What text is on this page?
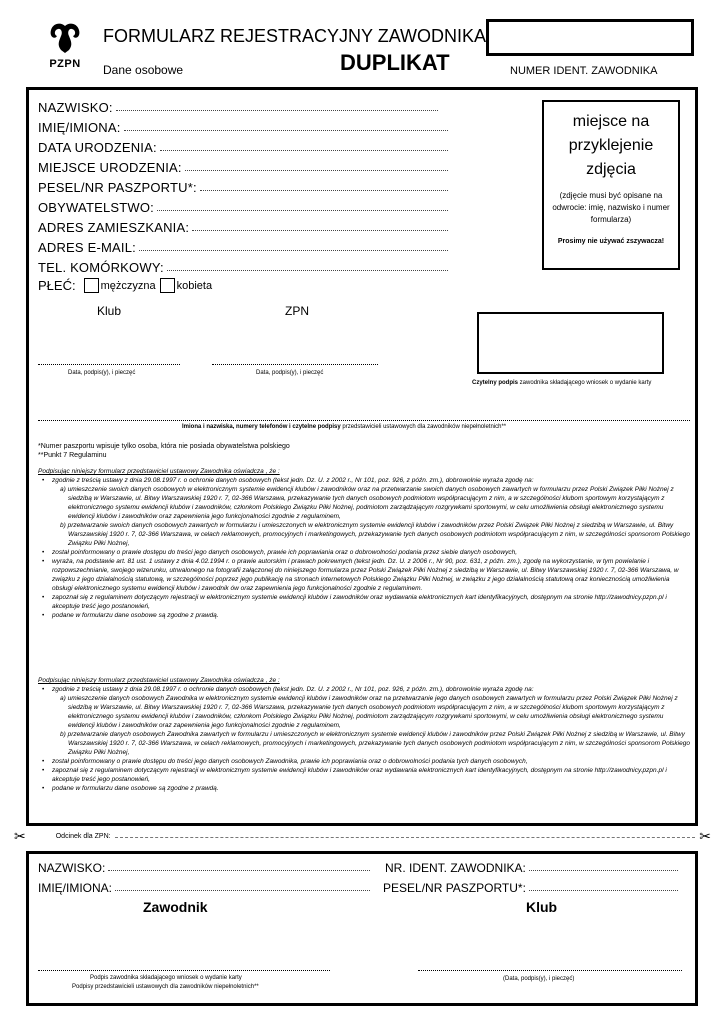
PZPN
FORMULARZ REJESTRACYJNY ZAWODNIKA
Dane osobowe	DUPLIKAT	NUMER IDENT. ZAWODNIKA
NAZWISKO:
IMIĘ/IMIONA:
DATA URODZENIA:
MIEJSCE URODZENIA:
PESEL/NR PASZPORTU*:
OBYWATELSTWO:
ADRES ZAMIESZKANIA:
ADRES E-MAIL:
TEL. KOMÓRKOWY:
PŁEĆ: mężczyzna kobieta
miejsce na
przyklejenie
zdjęcia
(zdjęcie musi być opisane na odwrocie: imię, nazwisko i numer formularza)
Prosimy nie używać zszywacza!
Klub	ZPN
Data, podpis(y), i pieczęć	Data, podpis(y), i pieczęć
Czytelny podpis zawodnika składającego wniosek o wydanie karty
Imiona i nazwiska, numery telefonów i czytelne podpisy przedstawicieli ustawowych dla zawodników niepełnoletnich**
*Numer paszportu wpisuje tylko osoba, która nie posiada obywatelstwa polskiego
**Punkt 7 Regulaminu
Podpisując niniejszy formularz przedstawiciel ustawowy Zawodnika oświadcza , że :
• zgodnie z treścią ustawy z dnia 29.08.1997 r. o ochronie danych osobowych (tekst jedn. Dz. U. z 2002 r., Nr 101, poz. 926, z późn. zm.), dobrowolnie wyraża zgodę na:
a) umieszczenie swoich danych osobowych w elektronicznym systemie ewidencji klubów i zawodników oraz na przetwarzanie swoich danych osobowych zawartych w formularzu przez Polski Związek Piłki Nożnej z siedzibą w Warszawie, ul. Bitwy Warszawskiej 1920 r. 7, 02-366 Warszawa, przekazywanie tych danych osobowych podmiotom współpracującym z nim, a w szczególności klubom sportowym korzystającym z elektronicznego systemu ewidencji klubów i zawodników, członkom Polskiego Związku Piłki Nożnej, podmiotom zarządzającym rozgrywkami sportowymi, w celu umożliwienia obsługi elektronicznego systemu ewidencji klubów i zawodników oraz zapewnienia jego funkcjonalności zgodnie z regulaminem,
b) przetwarzanie swoich danych osobowych zawartych w formularzu i umieszczonych w elektronicznym systemie ewidencji klubów i zawodników przez Polski Związek Piłki Nożnej z siedzibą w Warszawie, ul. Bitwy Warszawskiej 1920 r. 7, 02-366 Warszawa, w celach reklamowych, promocyjnych i marketingowych, przekazywanie tych danych osobowych podmiotom współpracującym z nim, w szczególności sponsorom Polskiego Związku Piłki Nożnej,
• został poinformowany o prawie dostępu do treści jego danych osobowych, prawie ich poprawiania oraz o dobrowolności podania przez siebie danych osobowych,
• wyraża, na podstawie art. 81 ust. 1 ustawy z dnia 4.02.1994 r. o prawie autorskim i prawach pokrewnych (tekst jedn. Dz. U. z 2006 r., Nr 90, poz. 631, z późn. zm.), zgodę na wykorzystanie, w tym powielanie i rozpowszechnianie, swojego wizerunku, utrwalonego na fotografii załączonej do niniejszego formularza przez Polski Związek Piłki Nożnej z siedzibą w Warszawie, ul. Bitwy Warszawskiej 1920 r. 7, 02-366 Warszawa, w związku z jego działalnością statutową, w szczególności poprzez jego publikację na stronach internetowych Polskiego Związku Piłki Nożnej, w związku z jego działalnością statutową oraz koniecznością umożliwienia obsługi elektronicznego systemu ewidencji klubów i zawodnik ów oraz zapewnienia jego funkcjonalności zgodnie z regulaminem.
• zapoznał się z regulaminem dotyczącym rejestracji w elektronicznym systemie ewidencji klubów i zawodników oraz wydawania elektronicznych kart identyfikacyjnych, dostępnym na stronie http://zawodnicy.pzpn.pl i akceptuje treść jego postanowień,
• podane w formularzu dane osobowe są zgodne z prawdą.
Podpisując niniejszy formularz przedstawiciel ustawowy Zawodnika oświadcza , że :
• zgodnie z treścią ustawy z dnia 29.08.1997 r. o ochronie danych osobowych (tekst jedn. Dz. U. z 2002 r., Nr 101, poz. 926, z późn. zm.), dobrowolnie wyraża zgodę na:
a) umieszczenie danych osobowych Zawodnika w elektronicznym systemie ewidencji klubów i zawodników oraz na przetwarzanie jego danych osobowych zawartych w formularzu przez Polski Związek Piłki Nożnej z siedzibą w Warszawie, ul. Bitwy Warszawskiej 1920 r. 7, 02-366 Warszawa, przekazywanie tych danych osobowych podmiotom współpracującym z nim, a w szczególności klubom sportowym korzystającym z elektronicznego systemu ewidencji klubów i zawodników, członkom Polskiego Związku Piłki Nożnej, podmiotom zarządzającym rozgrywkami sportowymi, w celu umożliwienia obsługi elektronicznego systemu ewidencji klubów i zawodników oraz zapewnienia jego funkcjonalności zgodnie z regulaminem,
b) przetwarzanie danych osobowych Zawodnika zawartych w formularzu i umieszczonych w elektronicznym systemie ewidencji klubów i zawodników przez Polski Związek Piłki Nożnej z siedzibą w Warszawie, ul. Bitwy Warszawskiej 1920 r. 7, 02-366 Warszawa, w celach reklamowych, promocyjnych i marketingowych, przekazywanie tych danych osobowych podmiotom współpracującym z nim, w szczególności sponsorom Polskiego Związku Piłki Nożnej,
• został poinformowany o prawie dostępu do treści jego danych osobowych Zawodnika, prawie ich poprawiania oraz o dobrowolności podania tych danych osobowych,
• zapoznał się z regulaminem dotyczącym rejestracji w elektronicznym systemie ewidencji klubów i zawodników oraz wydawania elektronicznych kart identyfikacyjnych, dostępnym na stronie http://zawodnicy.pzpn.pl i akceptuje treść jego postanowień,
• podane w formularzu dane osobowe są zgodne z prawdą.
✂	Odcinek dla ZPN:	✂
NAZWISKO:	NR. IDENT. ZAWODNIKA:
IMIĘ/IMIONA:	PESEL/NR PASZPORTU*:
Zawodnik	Klub
Podpis zawodnika składającego wniosek o wydanie karty
Podpisy przedstawicieli ustawowych dla zawodników niepełnoletnich**
(Data, podpis(y), i pieczęć)
